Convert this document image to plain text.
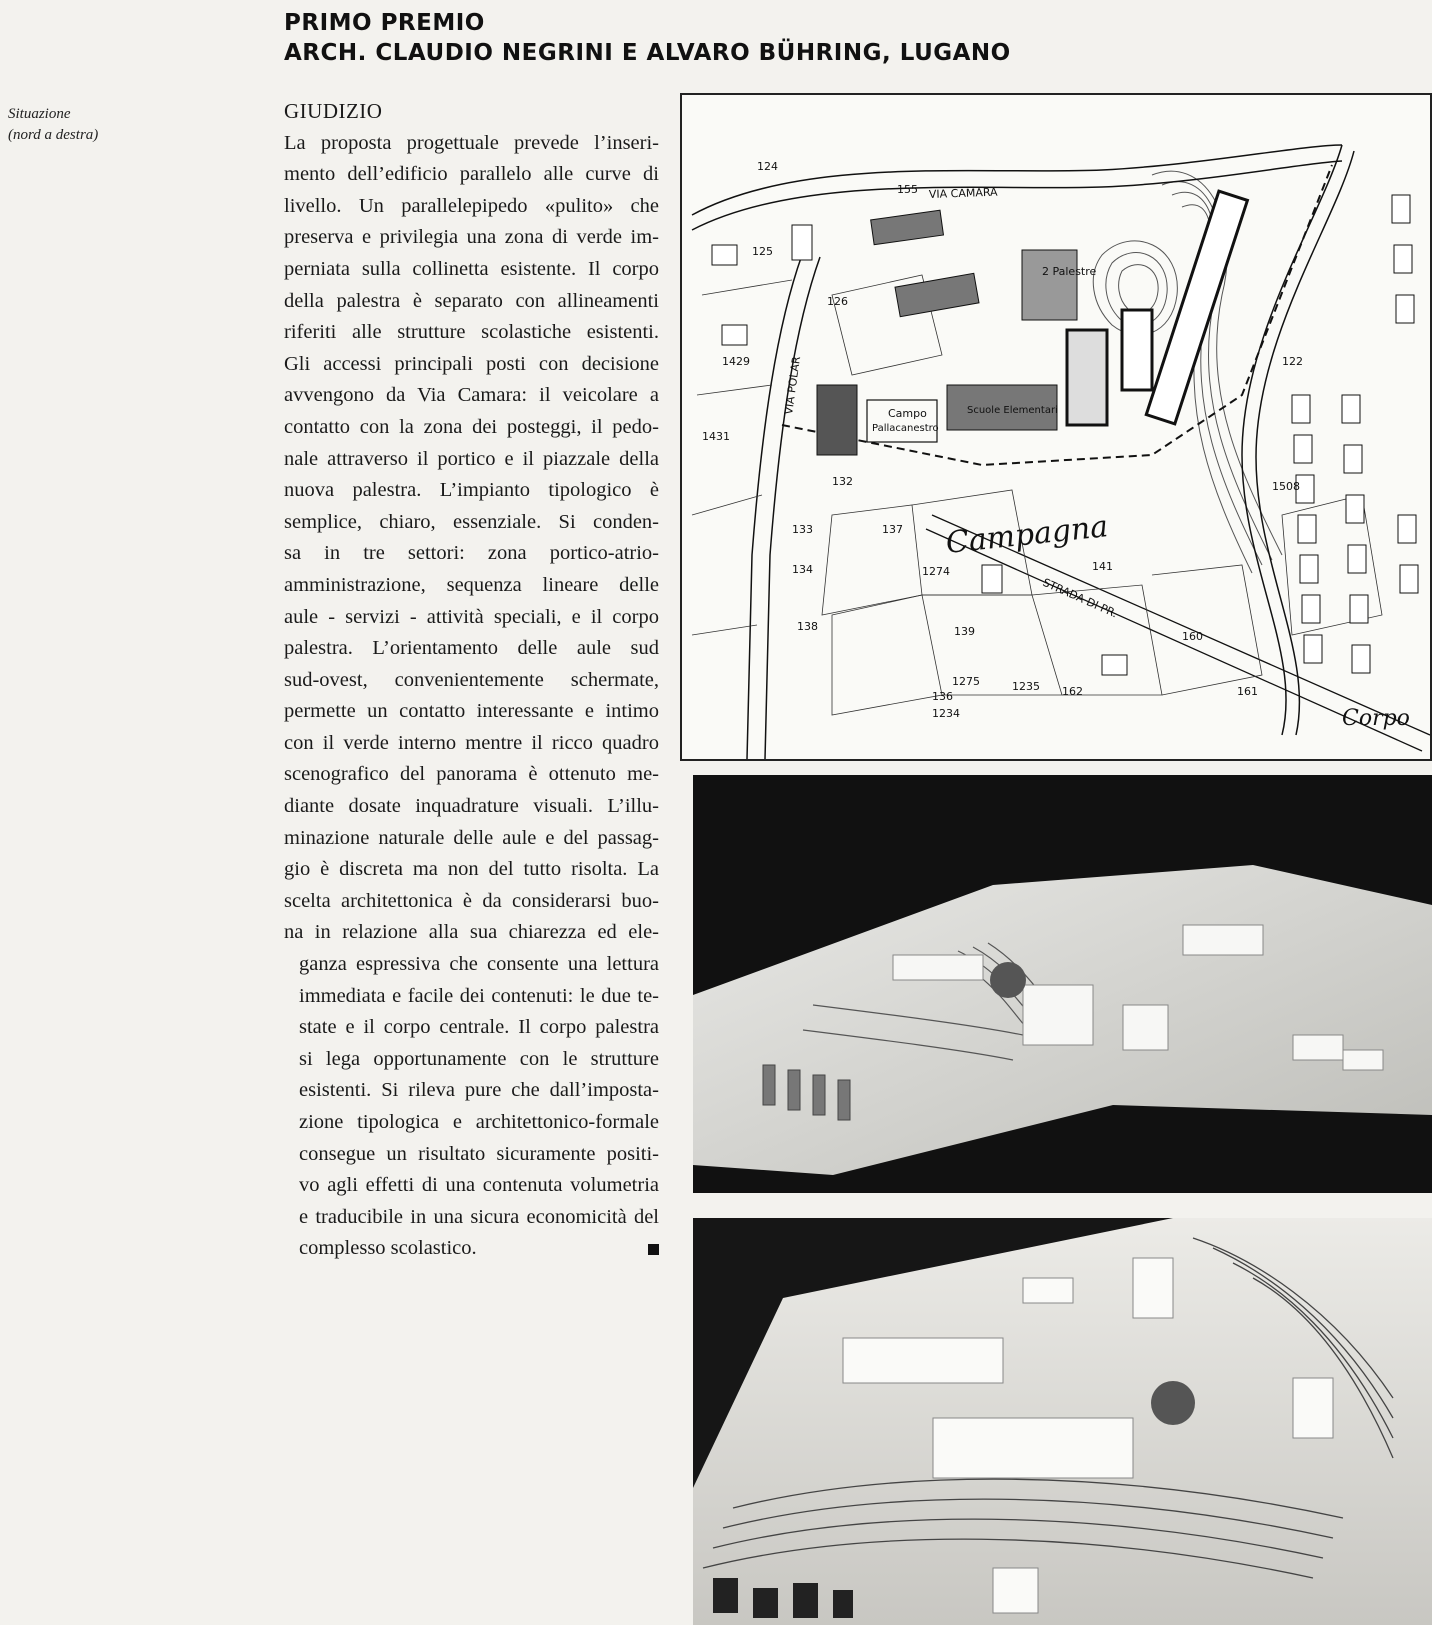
PRIMO PREMIO
ARCH. CLAUDIO NEGRINI E ALVARO BÜHRING, LUGANO
Situazione
(nord a destra)
GIUDIZIO
La proposta progettuale prevede l’inseri-
mento dell’edificio parallelo alle curve di
livello. Un parallelepipedo «pulito» che
preserva e privilegia una zona di verde im-
perniata sulla collinetta esistente. Il corpo
della palestra è separato con allineamenti
riferiti alle strutture scolastiche esistenti.
Gli accessi principali posti con decisione
avvengono da Via Camara: il veicolare a
contatto con la zona dei posteggi, il pedo-
nale attraverso il portico e il piazzale della
nuova palestra. L’impianto tipologico è
semplice, chiaro, essenziale. Si conden-
sa in tre settori: zona portico-atrio-
amministrazione, sequenza lineare delle
aule - servizi - attività speciali, e il corpo
palestra. L’orientamento delle aule sud
sud-ovest, convenientemente schermate,
permette un contatto interessante e intimo
con il verde interno mentre il ricco quadro
scenografico del panorama è ottenuto me-
diante dosate inquadrature visuali. L’illu-
minazione naturale delle aule e del passag-
gio è discreta ma non del tutto risolta. La
scelta architettonica è da considerarsi buo-
na in relazione alla sua chiarezza ed ele-
ganza espressiva che consente una lettura
immediata e facile dei contenuti: le due te-
state e il corpo centrale. Il corpo palestra
si lega opportunamente con le strutture
esistenti. Si rileva pure che dall’imposta-
zione tipologica e architettonico-formale
consegue un risultato sicuramente positi-
vo agli effetti di una contenuta volumetria
e traducibile in una sicura economicità del
complesso scolastico.
VIA CAMARA
VIA POLAR
Campagna
Campo
Pallacanestro
2 Palestre
Scuole Elementari
STRADA DI PR.
Corpo
1508
160
161
137
133
134
136
1429
1431
126
124
125
155
1274
122
132
139
1275
1234
1235 162
138
141
